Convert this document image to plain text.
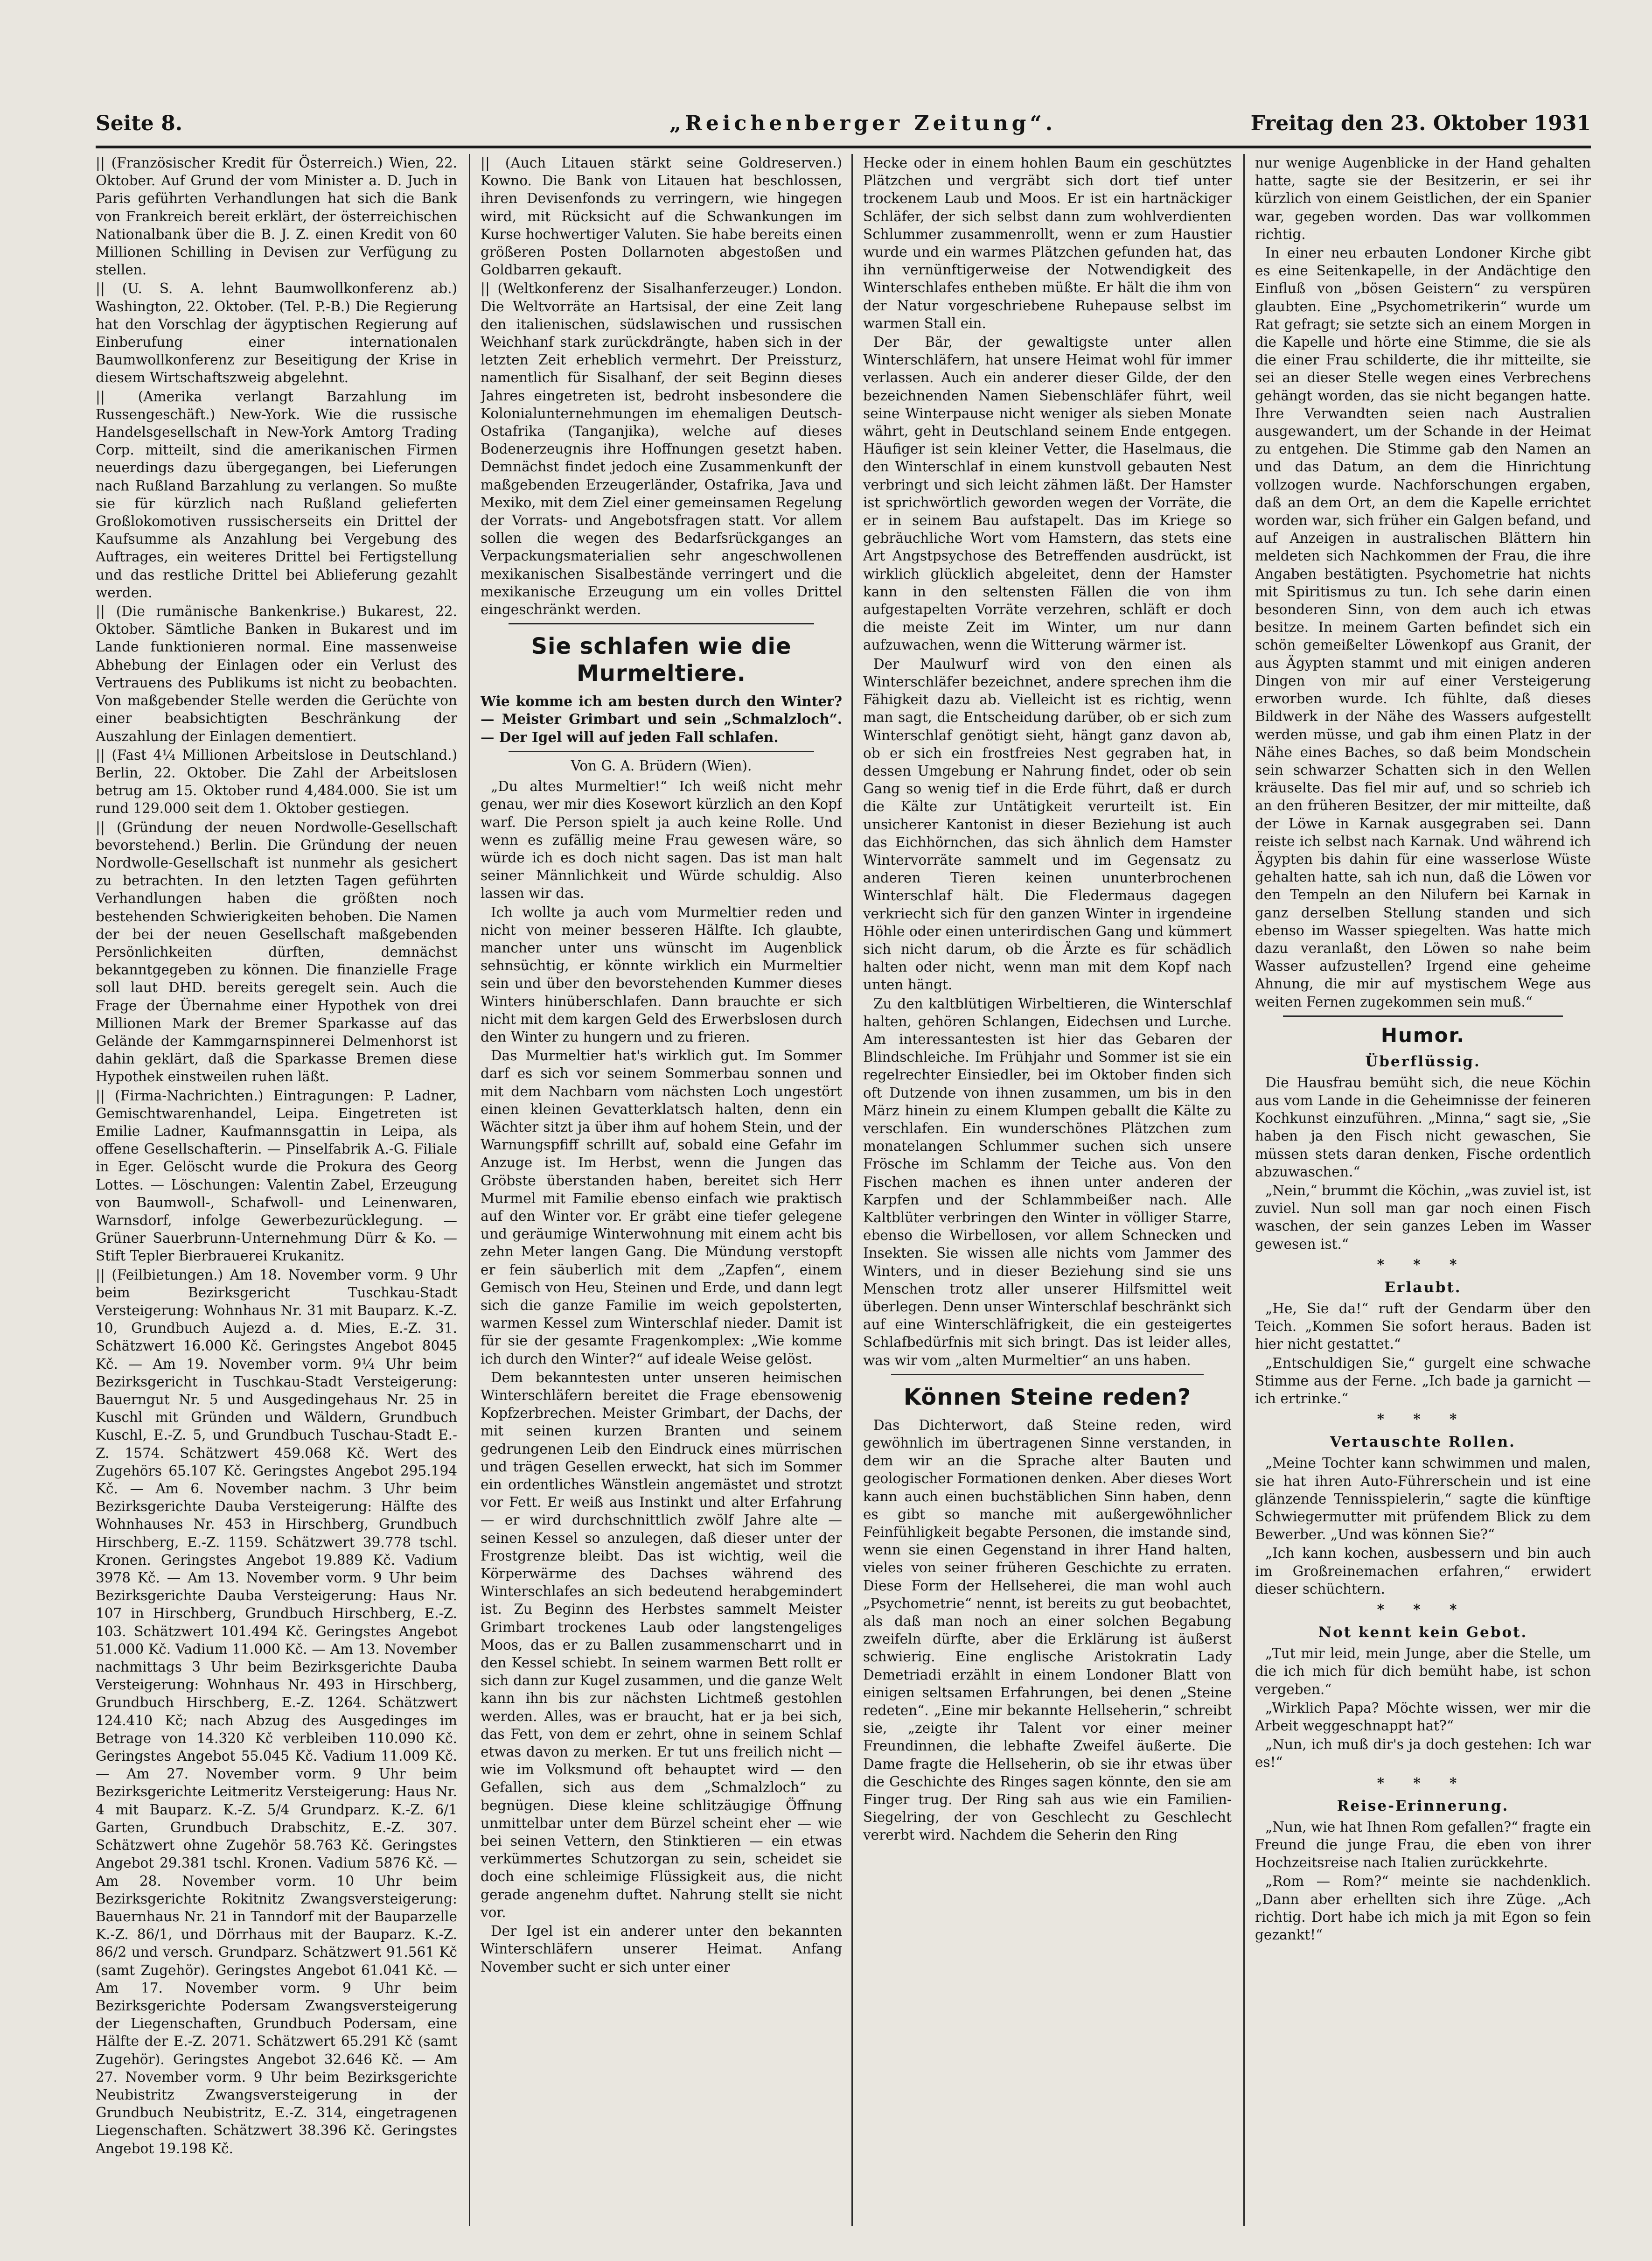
Seite 8.	„Reichenberger Zeitung“.	Freitag den 23. Oktober 1931

|| (Französischer Kredit für Österreich.) Wien, 22. Oktober. Auf Grund der vom Minister a. D. Juch in Paris geführten Verhandlungen hat sich die Bank von Frankreich bereit erklärt, der österreichischen Nationalbank über die B. J. Z. einen Kredit von 60 Millionen Schilling in Devisen zur Verfügung zu stellen.

|| (U. S. A. lehnt Baumwollkonferenz ab.) Washington, 22. Oktober. (Tel. P.-B.) Die Regierung hat den Vorschlag der ägyptischen Regierung auf Einberufung einer internationalen Baumwollkonferenz zur Beseitigung der Krise in diesem Wirtschaftszweig abgelehnt.

|| (Amerika verlangt Barzahlung im Russengeschäft.) New-York. Wie die russische Handelsgesellschaft in New-York Amtorg Trading Corp. mitteilt, sind die amerikanischen Firmen neuerdings dazu übergegangen, bei Lieferungen nach Rußland Barzahlung zu verlangen. So mußte sie für kürzlich nach Rußland gelieferten Großlokomotiven russischerseits ein Drittel der Kaufsumme als Anzahlung bei Vergebung des Auftrages, ein weiteres Drittel bei Fertigstellung und das restliche Drittel bei Ablieferung gezahlt werden.

|| (Die rumänische Bankenkrise.) Bukarest, 22. Oktober. Sämtliche Banken in Bukarest und im Lande funktionieren normal. Eine massenweise Abhebung der Einlagen oder ein Verlust des Vertrauens des Publikums ist nicht zu beobachten. Von maßgebender Stelle werden die Gerüchte von einer beabsichtigten Beschränkung der Auszahlung der Einlagen dementiert.

|| (Fast 4¼ Millionen Arbeitslose in Deutschland.) Berlin, 22. Oktober. Die Zahl der Arbeitslosen betrug am 15. Oktober rund 4,484.000. Sie ist um rund 129.000 seit dem 1. Oktober gestiegen.

|| (Gründung der neuen Nordwolle-Gesellschaft bevorstehend.) Berlin. Die Gründung der neuen Nordwolle-Gesellschaft ist nunmehr als gesichert zu betrachten. In den letzten Tagen geführten Verhandlungen haben die größten noch bestehenden Schwierigkeiten behoben. Die Namen der bei der neuen Gesellschaft maßgebenden Persönlichkeiten dürften, demnächst bekanntgegeben zu können. Die finanzielle Frage soll laut DHD. bereits geregelt sein. Auch die Frage der Übernahme einer Hypothek von drei Millionen Mark der Bremer Sparkasse auf das Gelände der Kammgarnspinnerei Delmenhorst ist dahin geklärt, daß die Sparkasse Bremen diese Hypothek einstweilen ruhen läßt.

|| (Firma-Nachrichten.) Eintragungen: P. Ladner, Gemischtwarenhandel, Leipa. Eingetreten ist Emilie Ladner, Kaufmannsgattin in Leipa, als offene Gesellschafterin. — Pinselfabrik A.-G. Filiale in Eger. Gelöscht wurde die Prokura des Georg Lottes. — Löschungen: Valentin Zabel, Erzeugung von Baumwoll-, Schafwoll- und Leinenwaren, Warnsdorf, infolge Gewerbezurücklegung. — Grüner Sauerbrunn-Unternehmung Dürr & Ko. — Stift Tepler Bierbrauerei Krukanitz.

|| (Feilbietungen.) Am 18. November vorm. 9 Uhr beim Bezirksgericht Tuschkau-Stadt Versteigerung: Wohnhaus Nr. 31 mit Bauparz. K.-Z. 10, Grundbuch Aujezd a. d. Mies, E.-Z. 31. Schätzwert 16.000 Kč. Geringstes Angebot 8045 Kč. — Am 19. November vorm. 9¼ Uhr beim Bezirksgericht in Tuschkau-Stadt Versteigerung: Bauerngut Nr. 5 und Ausgedingehaus Nr. 25 in Kuschl mit Gründen und Wäldern, Grundbuch Kuschl, E.-Z. 5, und Grundbuch Tuschau-Stadt E.-Z. 1574. Schätzwert 459.068 Kč. Wert des Zugehörs 65.107 Kč. Geringstes Angebot 295.194 Kč. — Am 6. November nachm. 3 Uhr beim Bezirksgerichte Dauba Versteigerung: Hälfte des Wohnhauses Nr. 453 in Hirschberg, Grundbuch Hirschberg, E.-Z. 1159. Schätzwert 39.778 tschl. Kronen. Geringstes Angebot 19.889 Kč. Vadium 3978 Kč. — Am 13. November vorm. 9 Uhr beim Bezirksgerichte Dauba Versteigerung: Haus Nr. 107 in Hirschberg, Grundbuch Hirschberg, E.-Z. 103. Schätzwert 101.494 Kč. Geringstes Angebot 51.000 Kč. Vadium 11.000 Kč. — Am 13. November nachmittags 3 Uhr beim Bezirksgerichte Dauba Versteigerung: Wohnhaus Nr. 493 in Hirschberg, Grundbuch Hirschberg, E.-Z. 1264. Schätzwert 124.410 Kč; nach Abzug des Ausgedinges im Betrage von 14.320 Kč verbleiben 110.090 Kč. Geringstes Angebot 55.045 Kč. Vadium 11.009 Kč. — Am 27. November vorm. 9 Uhr beim Bezirksgerichte Leitmeritz Versteigerung: Haus Nr. 4 mit Bauparz. K.-Z. 5/4 Grundparz. K.-Z. 6/1 Garten, Grundbuch Drabschitz, E.-Z. 307. Schätzwert ohne Zugehör 58.763 Kč. Geringstes Angebot 29.381 tschl. Kronen. Vadium 5876 Kč. — Am 28. November vorm. 10 Uhr beim Bezirksgerichte Rokitnitz Zwangsversteigerung: Bauernhaus Nr. 21 in Tanndorf mit der Bauparzelle K.-Z. 86/1, und Dörrhaus mit der Bauparz. K.-Z. 86/2 und versch. Grundparz. Schätzwert 91.561 Kč (samt Zugehör). Geringstes Angebot 61.041 Kč. — Am 17. November vorm. 9 Uhr beim Bezirksgerichte Podersam Zwangsversteigerung der Liegenschaften, Grundbuch Podersam, eine Hälfte der E.-Z. 2071. Schätzwert 65.291 Kč (samt Zugehör). Geringstes Angebot 32.646 Kč. — Am 27. November vorm. 9 Uhr beim Bezirksgerichte Neubistritz Zwangsversteigerung in der Grundbuch Neubistritz, E.-Z. 314, eingetragenen Liegenschaften. Schätzwert 38.396 Kč. Geringstes Angebot 19.198 Kč.

|| (Auch Litauen stärkt seine Goldreserven.) Kowno. Die Bank von Litauen hat beschlossen, ihren Devisenfonds zu verringern, wie hingegen wird, mit Rücksicht auf die Schwankungen im Kurse hochwertiger Valuten. Sie habe bereits einen größeren Posten Dollarnoten abgestoßen und Goldbarren gekauft.

|| (Weltkonferenz der Sisalhanferzeuger.) London. Die Weltvorräte an Hartsisal, der eine Zeit lang den italienischen, südslawischen und russischen Weichhanf stark zurückdrängte, haben sich in der letzten Zeit erheblich vermehrt. Der Preissturz, namentlich für Sisalhanf, der seit Beginn dieses Jahres eingetreten ist, bedroht insbesondere die Kolonialunternehmungen im ehemaligen Deutsch-Ostafrika (Tanganjika), welche auf dieses Bodenerzeugnis ihre Hoffnungen gesetzt haben. Demnächst findet jedoch eine Zusammenkunft der maßgebenden Erzeugerländer, Ostafrika, Java und Mexiko, mit dem Ziel einer gemeinsamen Regelung der Vorrats- und Angebotsfragen statt. Vor allem sollen die wegen des Bedarfsrückganges an Verpackungsmaterialien sehr angeschwollenen mexikanischen Sisalbestände verringert und die mexikanische Erzeugung um ein volles Drittel eingeschränkt werden.

Sie schlafen wie die Murmeltiere.

Wie komme ich am besten durch den Winter? — Meister Grimbart und sein „Schmalzloch“. — Der Igel will auf jeden Fall schlafen.

Von G. A. Brüdern (Wien).

„Du altes Murmeltier!“ Ich weiß nicht mehr genau, wer mir dies Kosewort kürzlich an den Kopf warf. Die Person spielt ja auch keine Rolle. Und wenn es zufällig meine Frau gewesen wäre, so würde ich es doch nicht sagen. Das ist man halt seiner Männlichkeit und Würde schuldig. Also lassen wir das.

Ich wollte ja auch vom Murmeltier reden und nicht von meiner besseren Hälfte. Ich glaubte, mancher unter uns wünscht im Augenblick sehnsüchtig, er könnte wirklich ein Murmeltier sein und über den bevorstehenden Kummer dieses Winters hinüberschlafen. Dann brauchte er sich nicht mit dem kargen Geld des Erwerbslosen durch den Winter zu hungern und zu frieren.

Das Murmeltier hat's wirklich gut. Im Sommer darf es sich vor seinem Sommerbau sonnen und mit dem Nachbarn vom nächsten Loch ungestört einen kleinen Gevatterklatsch halten, denn ein Wächter sitzt ja über ihm auf hohem Stein, und der Warnungspfiff schrillt auf, sobald eine Gefahr im Anzuge ist. Im Herbst, wenn die Jungen das Gröbste überstanden haben, bereitet sich Herr Murmel mit Familie ebenso einfach wie praktisch auf den Winter vor. Er gräbt eine tiefer gelegene und geräumige Winterwohnung mit einem acht bis zehn Meter langen Gang. Die Mündung verstopft er fein säuberlich mit dem „Zapfen“, einem Gemisch von Heu, Steinen und Erde, und dann legt sich die ganze Familie im weich gepolsterten, warmen Kessel zum Winterschlaf nieder. Damit ist für sie der gesamte Fragenkomplex: „Wie komme ich durch den Winter?“ auf ideale Weise gelöst.

Dem bekanntesten unter unseren heimischen Winterschläfern bereitet die Frage ebensowenig Kopfzerbrechen. Meister Grimbart, der Dachs, der mit seinen kurzen Branten und seinem gedrungenen Leib den Eindruck eines mürrischen und trägen Gesellen erweckt, hat sich im Sommer ein ordentliches Wänstlein angemästet und strotzt vor Fett. Er weiß aus Instinkt und alter Erfahrung — er wird durchschnittlich zwölf Jahre alte — seinen Kessel so anzulegen, daß dieser unter der Frostgrenze bleibt. Das ist wichtig, weil die Körperwärme des Dachses während des Winterschlafes an sich bedeutend herabgemindert ist. Zu Beginn des Herbstes sammelt Meister Grimbart trockenes Laub oder langstengeliges Moos, das er zu Ballen zusammenscharrt und in den Kessel schiebt. In seinem warmen Bett rollt er sich dann zur Kugel zusammen, und die ganze Welt kann ihn bis zur nächsten Lichtmeß gestohlen werden. Alles, was er braucht, hat er ja bei sich, das Fett, von dem er zehrt, ohne in seinem Schlaf etwas davon zu merken. Er tut uns freilich nicht — wie im Volksmund oft behauptet wird — den Gefallen, sich aus dem „Schmalzloch“ zu begnügen. Diese kleine schlitzäugige Öffnung unmittelbar unter dem Bürzel scheint eher — wie bei seinen Vettern, den Stinktieren — ein etwas verkümmertes Schutzorgan zu sein, scheidet sie doch eine schleimige Flüssigkeit aus, die nicht gerade angenehm duftet. Nahrung stellt sie nicht vor.

Der Igel ist ein anderer unter den bekannten Winterschläfern unserer Heimat. Anfang November sucht er sich unter einer

Hecke oder in einem hohlen Baum ein geschütztes Plätzchen und vergräbt sich dort tief unter trockenem Laub und Moos. Er ist ein hartnäckiger Schläfer, der sich selbst dann zum wohlverdienten Schlummer zusammenrollt, wenn er zum Haustier wurde und ein warmes Plätzchen gefunden hat, das ihn vernünftigerweise der Notwendigkeit des Winterschlafes entheben müßte. Er hält die ihm von der Natur vorgeschriebene Ruhepause selbst im warmen Stall ein.

Der Bär, der gewaltigste unter allen Winterschläfern, hat unsere Heimat wohl für immer verlassen. Auch ein anderer dieser Gilde, der den bezeichnenden Namen Siebenschläfer führt, weil seine Winterpause nicht weniger als sieben Monate währt, geht in Deutschland seinem Ende entgegen. Häufiger ist sein kleiner Vetter, die Haselmaus, die den Winterschlaf in einem kunstvoll gebauten Nest verbringt und sich leicht zähmen läßt. Der Hamster ist sprichwörtlich geworden wegen der Vorräte, die er in seinem Bau aufstapelt. Das im Kriege so gebräuchliche Wort vom Hamstern, das stets eine Art Angstpsychose des Betreffenden ausdrückt, ist wirklich glücklich abgeleitet, denn der Hamster kann in den seltensten Fällen die von ihm aufgestapelten Vorräte verzehren, schläft er doch die meiste Zeit im Winter, um nur dann aufzuwachen, wenn die Witterung wärmer ist.

Der Maulwurf wird von den einen als Winterschläfer bezeichnet, andere sprechen ihm die Fähigkeit dazu ab. Vielleicht ist es richtig, wenn man sagt, die Entscheidung darüber, ob er sich zum Winterschlaf genötigt sieht, hängt ganz davon ab, ob er sich ein frostfreies Nest gegraben hat, in dessen Umgebung er Nahrung findet, oder ob sein Gang so wenig tief in die Erde führt, daß er durch die Kälte zur Untätigkeit verurteilt ist. Ein unsicherer Kantonist in dieser Beziehung ist auch das Eichhörnchen, das sich ähnlich dem Hamster Wintervorräte sammelt und im Gegensatz zu anderen Tieren keinen ununterbrochenen Winterschlaf hält. Die Fledermaus dagegen verkriecht sich für den ganzen Winter in irgendeine Höhle oder einen unterirdischen Gang und kümmert sich nicht darum, ob die Ärzte es für schädlich halten oder nicht, wenn man mit dem Kopf nach unten hängt.

Zu den kaltblütigen Wirbeltieren, die Winterschlaf halten, gehören Schlangen, Eidechsen und Lurche. Am interessantesten ist hier das Gebaren der Blindschleiche. Im Frühjahr und Sommer ist sie ein regelrechter Einsiedler, bei im Oktober finden sich oft Dutzende von ihnen zusammen, um bis in den März hinein zu einem Klumpen geballt die Kälte zu verschlafen. Ein wunderschönes Plätzchen zum monatelangen Schlummer suchen sich unsere Frösche im Schlamm der Teiche aus. Von den Fischen machen es ihnen unter anderen der Karpfen und der Schlammbeißer nach. Alle Kaltblüter verbringen den Winter in völliger Starre, ebenso die Wirbellosen, vor allem Schnecken und Insekten. Sie wissen alle nichts vom Jammer des Winters, und in dieser Beziehung sind sie uns Menschen trotz aller unserer Hilfsmittel weit überlegen. Denn unser Winterschlaf beschränkt sich auf eine Winterschläfrigkeit, die ein gesteigertes Schlafbedürfnis mit sich bringt. Das ist leider alles, was wir vom „alten Murmeltier“ an uns haben.

Können Steine reden?

Das Dichterwort, daß Steine reden, wird gewöhnlich im übertragenen Sinne verstanden, in dem wir an die Sprache alter Bauten und geologischer Formationen denken. Aber dieses Wort kann auch einen buchstäblichen Sinn haben, denn es gibt so manche mit außergewöhnlicher Feinfühligkeit begabte Personen, die imstande sind, wenn sie einen Gegenstand in ihrer Hand halten, vieles von seiner früheren Geschichte zu erraten. Diese Form der Hellseherei, die man wohl auch „Psychometrie“ nennt, ist bereits zu gut beobachtet, als daß man noch an einer solchen Begabung zweifeln dürfte, aber die Erklärung ist äußerst schwierig. Eine englische Aristokratin Lady Demetriadi erzählt in einem Londoner Blatt von einigen seltsamen Erfahrungen, bei denen „Steine redeten“. „Eine mir bekannte Hellseherin,“ schreibt sie, „zeigte ihr Talent vor einer meiner Freundinnen, die lebhafte Zweifel äußerte. Die Dame fragte die Hellseherin, ob sie ihr etwas über die Geschichte des Ringes sagen könnte, den sie am Finger trug. Der Ring sah aus wie ein Familien-Siegelring, der von Geschlecht zu Geschlecht vererbt wird. Nachdem die Seherin den Ring

nur wenige Augenblicke in der Hand gehalten hatte, sagte sie der Besitzerin, er sei ihr kürzlich von einem Geistlichen, der ein Spanier war, gegeben worden. Das war vollkommen richtig.

In einer neu erbauten Londoner Kirche gibt es eine Seitenkapelle, in der Andächtige den Einfluß von „bösen Geistern“ zu verspüren glaubten. Eine „Psychometrikerin“ wurde um Rat gefragt; sie setzte sich an einem Morgen in die Kapelle und hörte eine Stimme, die sie als die einer Frau schilderte, die ihr mitteilte, sie sei an dieser Stelle wegen eines Verbrechens gehängt worden, das sie nicht begangen hatte. Ihre Verwandten seien nach Australien ausgewandert, um der Schande in der Heimat zu entgehen. Die Stimme gab den Namen an und das Datum, an dem die Hinrichtung vollzogen wurde. Nachforschungen ergaben, daß an dem Ort, an dem die Kapelle errichtet worden war, sich früher ein Galgen befand, und auf Anzeigen in australischen Blättern hin meldeten sich Nachkommen der Frau, die ihre Angaben bestätigten. Psychometrie hat nichts mit Spiritismus zu tun. Ich sehe darin einen besonderen Sinn, von dem auch ich etwas besitze. In meinem Garten befindet sich ein schön gemeißelter Löwenkopf aus Granit, der aus Ägypten stammt und mit einigen anderen Dingen von mir auf einer Versteigerung erworben wurde. Ich fühlte, daß dieses Bildwerk in der Nähe des Wassers aufgestellt werden müsse, und gab ihm einen Platz in der Nähe eines Baches, so daß beim Mondschein sein schwarzer Schatten sich in den Wellen kräuselte. Das fiel mir auf, und so schrieb ich an den früheren Besitzer, der mir mitteilte, daß der Löwe in Karnak ausgegraben sei. Dann reiste ich selbst nach Karnak. Und während ich Ägypten bis dahin für eine wasserlose Wüste gehalten hatte, sah ich nun, daß die Löwen vor den Tempeln an den Nilufern bei Karnak in ganz derselben Stellung standen und sich ebenso im Wasser spiegelten. Was hatte mich dazu veranlaßt, den Löwen so nahe beim Wasser aufzustellen? Irgend eine geheime Ahnung, die mir auf mystischem Wege aus weiten Fernen zugekommen sein muß.“

Humor.
Überflüssig.

Die Hausfrau bemüht sich, die neue Köchin aus vom Lande in die Geheimnisse der feineren Kochkunst einzuführen. „Minna,“ sagt sie, „Sie haben ja den Fisch nicht gewaschen, Sie müssen stets daran denken, Fische ordentlich abzuwaschen.“

„Nein,“ brummt die Köchin, „was zuviel ist, ist zuviel. Nun soll man gar noch einen Fisch waschen, der sein ganzes Leben im Wasser gewesen ist.“

* * *
Erlaubt.

„He, Sie da!“ ruft der Gendarm über den Teich. „Kommen Sie sofort heraus. Baden ist hier nicht gestattet.“

„Entschuldigen Sie,“ gurgelt eine schwache Stimme aus der Ferne. „Ich bade ja garnicht — ich ertrinke.“

* * *
Vertauschte Rollen.

„Meine Tochter kann schwimmen und malen, sie hat ihren Auto-Führerschein und ist eine glänzende Tennisspielerin,“ sagte die künftige Schwiegermutter mit prüfendem Blick zu dem Bewerber. „Und was können Sie?“

„Ich kann kochen, ausbessern und bin auch im Großreinemachen erfahren,“ erwidert dieser schüchtern.

* * *
Not kennt kein Gebot.

„Tut mir leid, mein Junge, aber die Stelle, um die ich mich für dich bemüht habe, ist schon vergeben.“

„Wirklich Papa? Möchte wissen, wer mir die Arbeit weggeschnappt hat?“

„Nun, ich muß dir's ja doch gestehen: Ich war es!“

* * *
Reise-Erinnerung.

„Nun, wie hat Ihnen Rom gefallen?“ fragte ein Freund die junge Frau, die eben von ihrer Hochzeitsreise nach Italien zurückkehrte.

„Rom — Rom?“ meinte sie nachdenklich. „Dann aber erhellten sich ihre Züge. „Ach richtig. Dort habe ich mich ja mit Egon so fein gezankt!“
